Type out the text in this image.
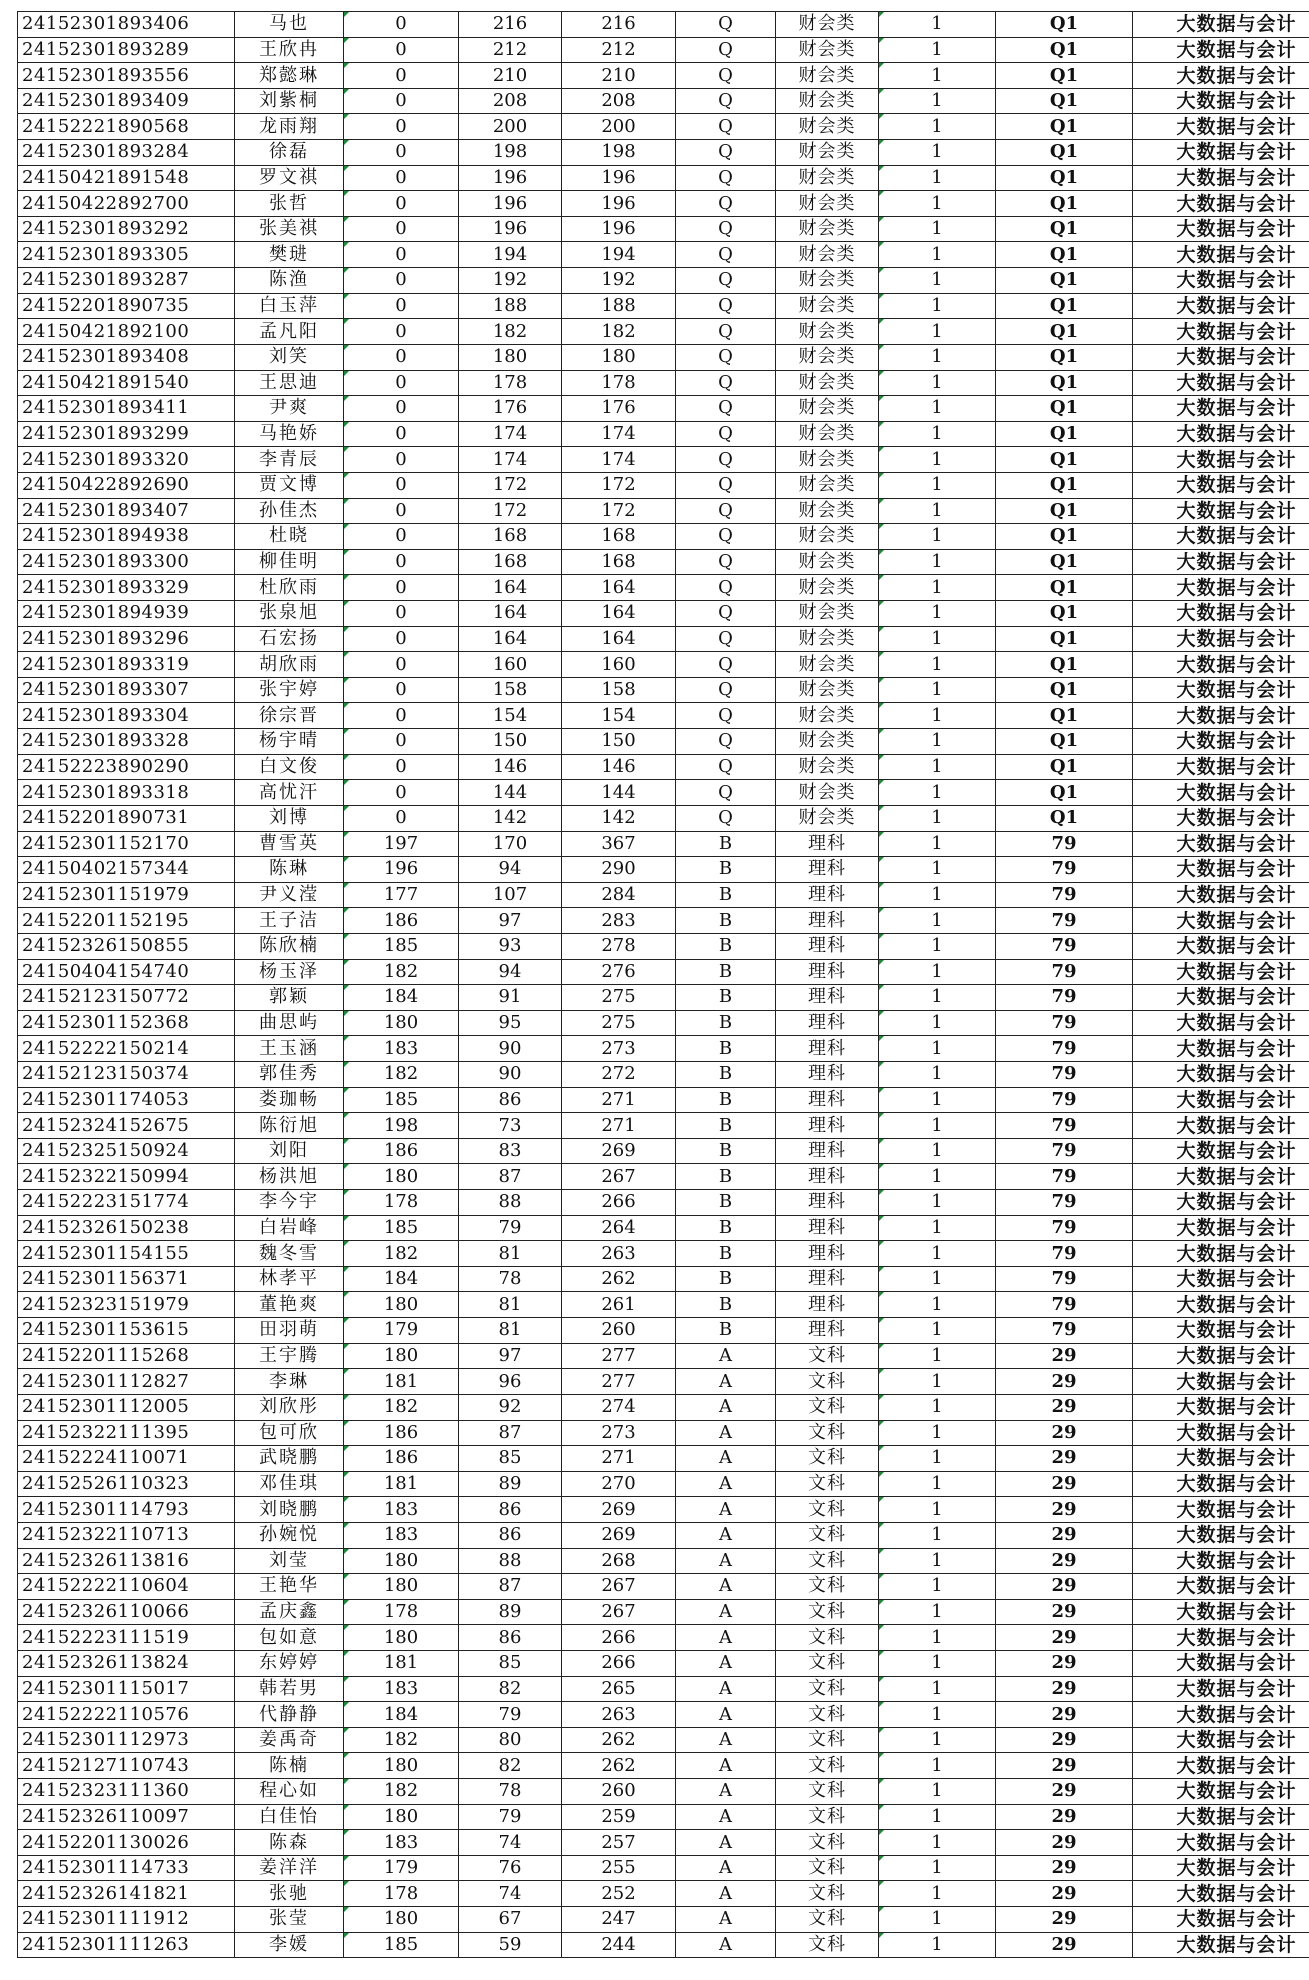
24152301893406	马也	0	216	216	Q	财会类	1	Q1	大数据与会计
24152301893289	王欣冉	0	212	212	Q	财会类	1	Q1	大数据与会计
24152301893556	郑懿琳	0	210	210	Q	财会类	1	Q1	大数据与会计
24152301893409	刘紫桐	0	208	208	Q	财会类	1	Q1	大数据与会计
24152221890568	龙雨翔	0	200	200	Q	财会类	1	Q1	大数据与会计
24152301893284	徐磊	0	198	198	Q	财会类	1	Q1	大数据与会计
24150421891548	罗文祺	0	196	196	Q	财会类	1	Q1	大数据与会计
24150422892700	张哲	0	196	196	Q	财会类	1	Q1	大数据与会计
24152301893292	张美祺	0	196	196	Q	财会类	1	Q1	大数据与会计
24152301893305	樊琎	0	194	194	Q	财会类	1	Q1	大数据与会计
24152301893287	陈渔	0	192	192	Q	财会类	1	Q1	大数据与会计
24152201890735	白玉萍	0	188	188	Q	财会类	1	Q1	大数据与会计
24150421892100	孟凡阳	0	182	182	Q	财会类	1	Q1	大数据与会计
24152301893408	刘笑	0	180	180	Q	财会类	1	Q1	大数据与会计
24150421891540	王思迪	0	178	178	Q	财会类	1	Q1	大数据与会计
24152301893411	尹爽	0	176	176	Q	财会类	1	Q1	大数据与会计
24152301893299	马艳娇	0	174	174	Q	财会类	1	Q1	大数据与会计
24152301893320	李青辰	0	174	174	Q	财会类	1	Q1	大数据与会计
24150422892690	贾文博	0	172	172	Q	财会类	1	Q1	大数据与会计
24152301893407	孙佳杰	0	172	172	Q	财会类	1	Q1	大数据与会计
24152301894938	杜晓	0	168	168	Q	财会类	1	Q1	大数据与会计
24152301893300	柳佳明	0	168	168	Q	财会类	1	Q1	大数据与会计
24152301893329	杜欣雨	0	164	164	Q	财会类	1	Q1	大数据与会计
24152301894939	张泉旭	0	164	164	Q	财会类	1	Q1	大数据与会计
24152301893296	石宏扬	0	164	164	Q	财会类	1	Q1	大数据与会计
24152301893319	胡欣雨	0	160	160	Q	财会类	1	Q1	大数据与会计
24152301893307	张宇婷	0	158	158	Q	财会类	1	Q1	大数据与会计
24152301893304	徐宗晋	0	154	154	Q	财会类	1	Q1	大数据与会计
24152301893328	杨宇晴	0	150	150	Q	财会类	1	Q1	大数据与会计
24152223890290	白文俊	0	146	146	Q	财会类	1	Q1	大数据与会计
24152301893318	高忧汗	0	144	144	Q	财会类	1	Q1	大数据与会计
24152201890731	刘博	0	142	142	Q	财会类	1	Q1	大数据与会计
24152301152170	曹雪英	197	170	367	B	理科	1	79	大数据与会计
24150402157344	陈琳	196	94	290	B	理科	1	79	大数据与会计
24152301151979	尹义滢	177	107	284	B	理科	1	79	大数据与会计
24152201152195	王子洁	186	97	283	B	理科	1	79	大数据与会计
24152326150855	陈欣楠	185	93	278	B	理科	1	79	大数据与会计
24150404154740	杨玉泽	182	94	276	B	理科	1	79	大数据与会计
24152123150772	郭颖	184	91	275	B	理科	1	79	大数据与会计
24152301152368	曲思屿	180	95	275	B	理科	1	79	大数据与会计
24152222150214	王玉涵	183	90	273	B	理科	1	79	大数据与会计
24152123150374	郭佳秀	182	90	272	B	理科	1	79	大数据与会计
24152301174053	娄珈畅	185	86	271	B	理科	1	79	大数据与会计
24152324152675	陈衍旭	198	73	271	B	理科	1	79	大数据与会计
24152325150924	刘阳	186	83	269	B	理科	1	79	大数据与会计
24152322150994	杨洪旭	180	87	267	B	理科	1	79	大数据与会计
24152223151774	李今宇	178	88	266	B	理科	1	79	大数据与会计
24152326150238	白岩峰	185	79	264	B	理科	1	79	大数据与会计
24152301154155	魏冬雪	182	81	263	B	理科	1	79	大数据与会计
24152301156371	林孝平	184	78	262	B	理科	1	79	大数据与会计
24152323151979	董艳爽	180	81	261	B	理科	1	79	大数据与会计
24152301153615	田羽萌	179	81	260	B	理科	1	79	大数据与会计
24152201115268	王宇腾	180	97	277	A	文科	1	29	大数据与会计
24152301112827	李琳	181	96	277	A	文科	1	29	大数据与会计
24152301112005	刘欣彤	182	92	274	A	文科	1	29	大数据与会计
24152322111395	包可欣	186	87	273	A	文科	1	29	大数据与会计
24152224110071	武晓鹏	186	85	271	A	文科	1	29	大数据与会计
24152526110323	邓佳琪	181	89	270	A	文科	1	29	大数据与会计
24152301114793	刘晓鹏	183	86	269	A	文科	1	29	大数据与会计
24152322110713	孙婉悦	183	86	269	A	文科	1	29	大数据与会计
24152326113816	刘莹	180	88	268	A	文科	1	29	大数据与会计
24152222110604	王艳华	180	87	267	A	文科	1	29	大数据与会计
24152326110066	孟庆鑫	178	89	267	A	文科	1	29	大数据与会计
24152223111519	包如意	180	86	266	A	文科	1	29	大数据与会计
24152326113824	东婷婷	181	85	266	A	文科	1	29	大数据与会计
24152301115017	韩若男	183	82	265	A	文科	1	29	大数据与会计
24152222110576	代静静	184	79	263	A	文科	1	29	大数据与会计
24152301112973	姜禹奇	182	80	262	A	文科	1	29	大数据与会计
24152127110743	陈楠	180	82	262	A	文科	1	29	大数据与会计
24152323111360	程心如	182	78	260	A	文科	1	29	大数据与会计
24152326110097	白佳怡	180	79	259	A	文科	1	29	大数据与会计
24152201130026	陈森	183	74	257	A	文科	1	29	大数据与会计
24152301114733	姜洋洋	179	76	255	A	文科	1	29	大数据与会计
24152326141821	张驰	178	74	252	A	文科	1	29	大数据与会计
24152301111912	张莹	180	67	247	A	文科	1	29	大数据与会计
24152301111263	李媛	185	59	244	A	文科	1	29	大数据与会计
